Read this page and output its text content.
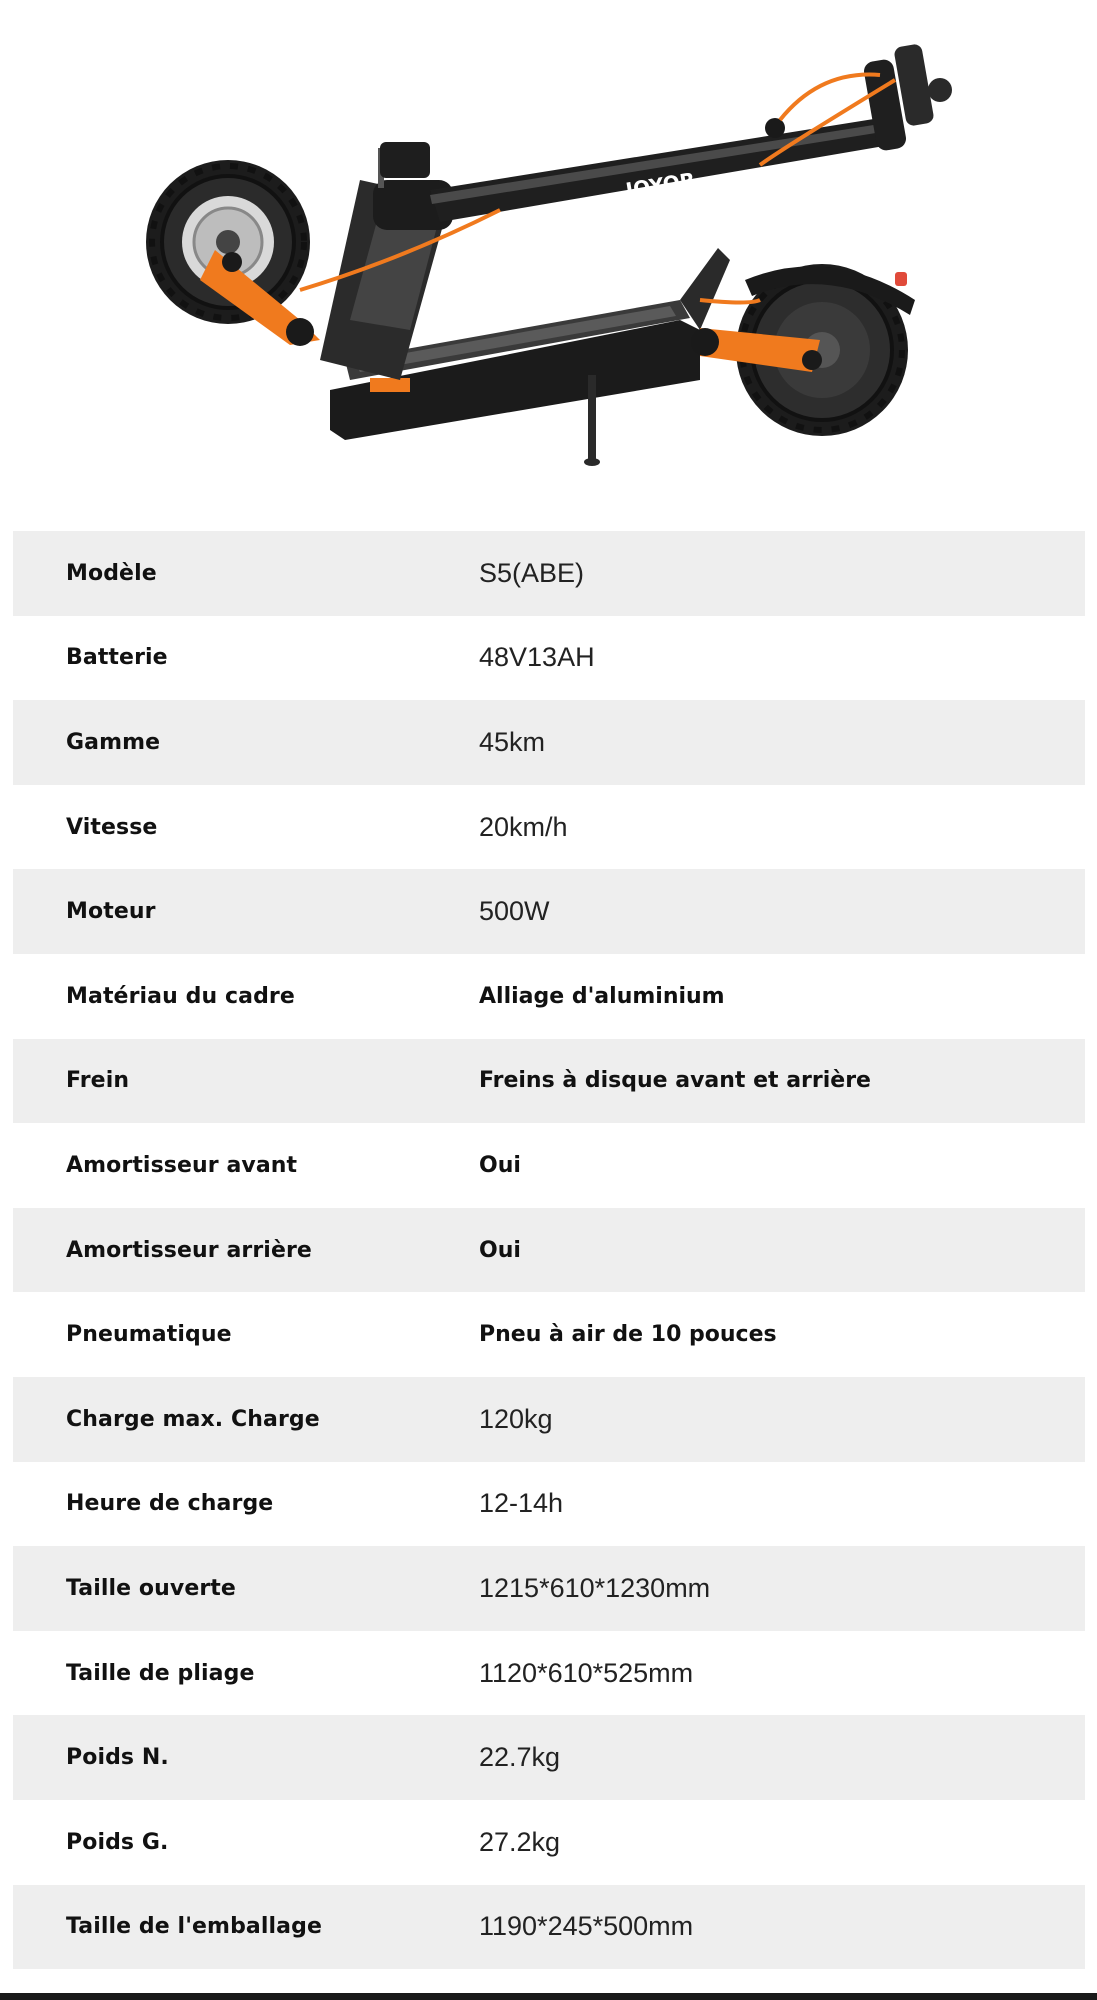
JOYOR
Modèle	S5(ABE)
Batterie	48V13AH
Gamme	45km
Vitesse	20km/h
Moteur	500W
Matériau du cadre	Alliage d'aluminium
Frein	Freins à disque avant et arrière
Amortisseur avant	Oui
Amortisseur arrière	Oui
Pneumatique	Pneu à air de 10 pouces
Charge max. Charge	120kg
Heure de charge	12-14h
Taille ouverte	1215*610*1230mm
Taille de pliage	1120*610*525mm
Poids N.	22.7kg
Poids G.	27.2kg
Taille de l'emballage	1190*245*500mm
